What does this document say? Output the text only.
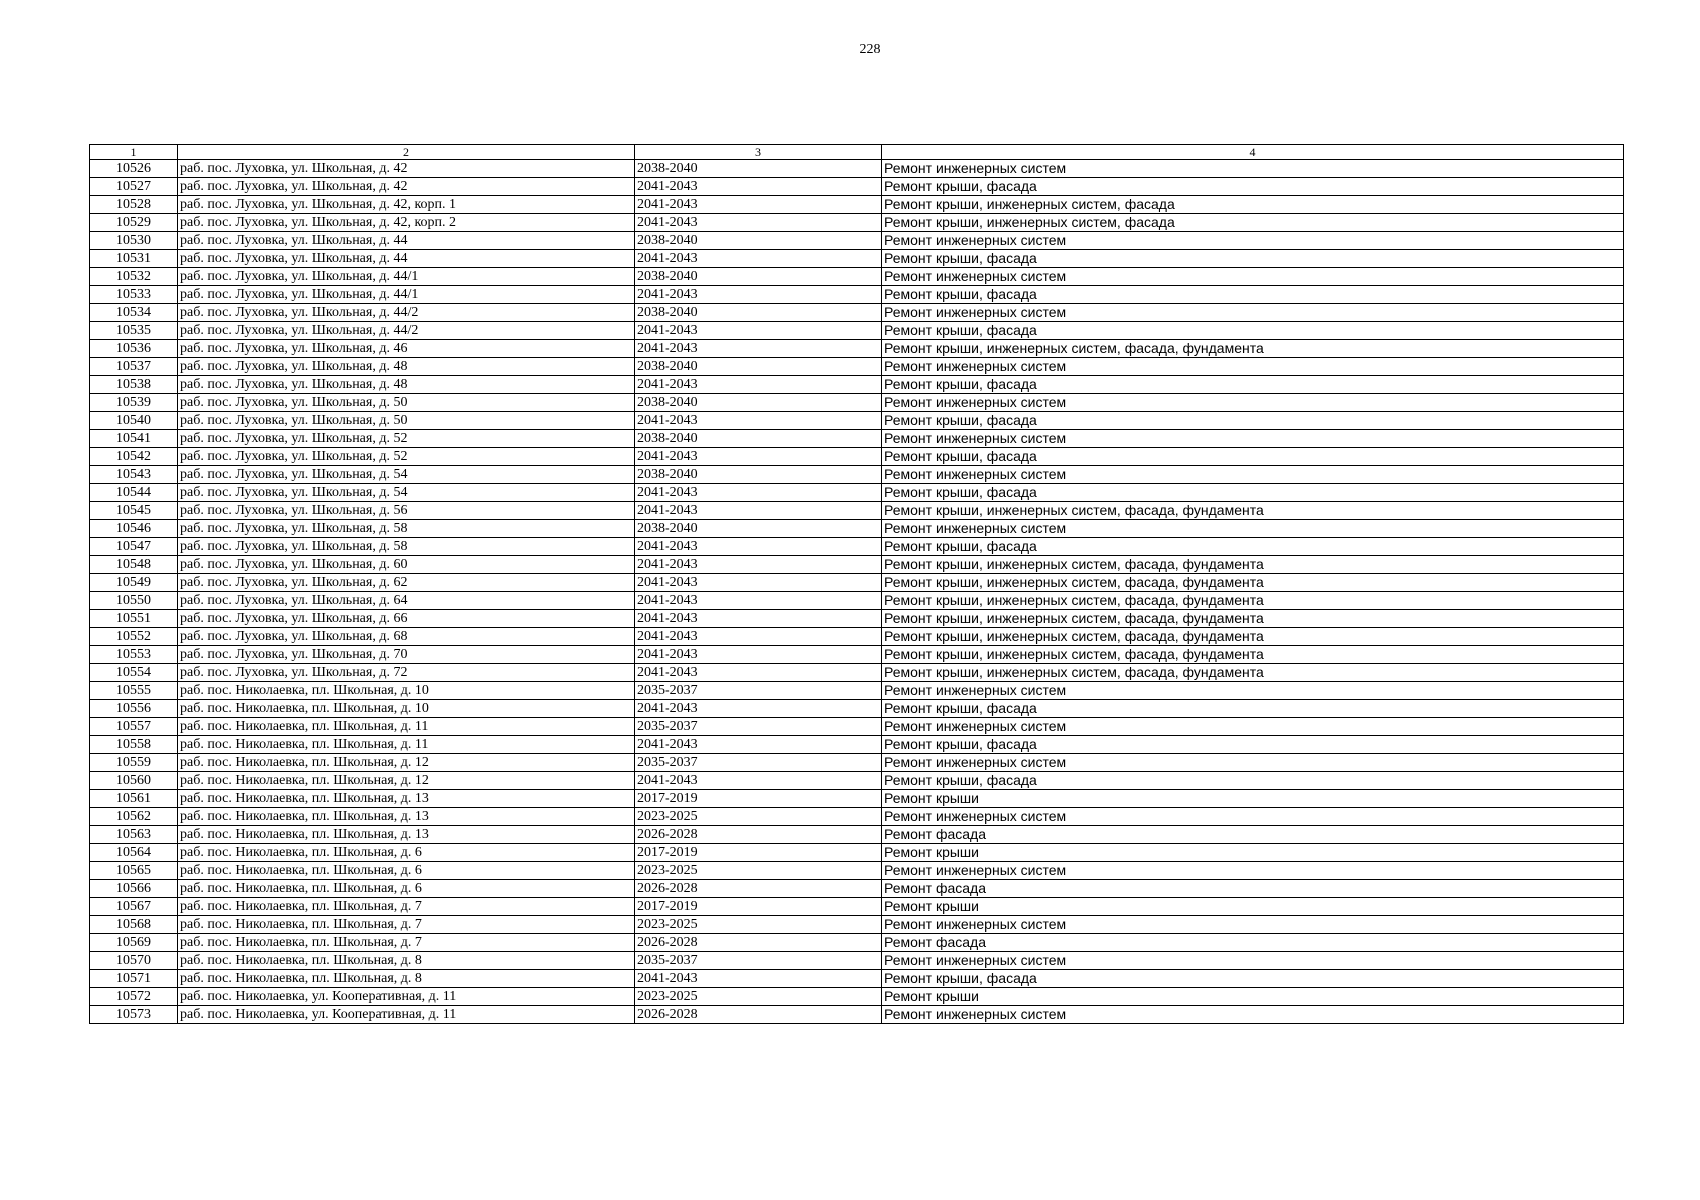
228
1	2	3	4
10526	раб. пос. Луховка, ул. Школьная, д. 42	2038-2040	Ремонт инженерных систем
10527	раб. пос. Луховка, ул. Школьная, д. 42	2041-2043	Ремонт крыши, фасада
10528	раб. пос. Луховка, ул. Школьная, д. 42, корп. 1	2041-2043	Ремонт крыши, инженерных систем, фасада
10529	раб. пос. Луховка, ул. Школьная, д. 42, корп. 2	2041-2043	Ремонт крыши, инженерных систем, фасада
10530	раб. пос. Луховка, ул. Школьная, д. 44	2038-2040	Ремонт инженерных систем
10531	раб. пос. Луховка, ул. Школьная, д. 44	2041-2043	Ремонт крыши, фасада
10532	раб. пос. Луховка, ул. Школьная, д. 44/1	2038-2040	Ремонт инженерных систем
10533	раб. пос. Луховка, ул. Школьная, д. 44/1	2041-2043	Ремонт крыши, фасада
10534	раб. пос. Луховка, ул. Школьная, д. 44/2	2038-2040	Ремонт инженерных систем
10535	раб. пос. Луховка, ул. Школьная, д. 44/2	2041-2043	Ремонт крыши, фасада
10536	раб. пос. Луховка, ул. Школьная, д. 46	2041-2043	Ремонт крыши, инженерных систем, фасада, фундамента
10537	раб. пос. Луховка, ул. Школьная, д. 48	2038-2040	Ремонт инженерных систем
10538	раб. пос. Луховка, ул. Школьная, д. 48	2041-2043	Ремонт крыши, фасада
10539	раб. пос. Луховка, ул. Школьная, д. 50	2038-2040	Ремонт инженерных систем
10540	раб. пос. Луховка, ул. Школьная, д. 50	2041-2043	Ремонт крыши, фасада
10541	раб. пос. Луховка, ул. Школьная, д. 52	2038-2040	Ремонт инженерных систем
10542	раб. пос. Луховка, ул. Школьная, д. 52	2041-2043	Ремонт крыши, фасада
10543	раб. пос. Луховка, ул. Школьная, д. 54	2038-2040	Ремонт инженерных систем
10544	раб. пос. Луховка, ул. Школьная, д. 54	2041-2043	Ремонт крыши, фасада
10545	раб. пос. Луховка, ул. Школьная, д. 56	2041-2043	Ремонт крыши, инженерных систем, фасада, фундамента
10546	раб. пос. Луховка, ул. Школьная, д. 58	2038-2040	Ремонт инженерных систем
10547	раб. пос. Луховка, ул. Школьная, д. 58	2041-2043	Ремонт крыши, фасада
10548	раб. пос. Луховка, ул. Школьная, д. 60	2041-2043	Ремонт крыши, инженерных систем, фасада, фундамента
10549	раб. пос. Луховка, ул. Школьная, д. 62	2041-2043	Ремонт крыши, инженерных систем, фасада, фундамента
10550	раб. пос. Луховка, ул. Школьная, д. 64	2041-2043	Ремонт крыши, инженерных систем, фасада, фундамента
10551	раб. пос. Луховка, ул. Школьная, д. 66	2041-2043	Ремонт крыши, инженерных систем, фасада, фундамента
10552	раб. пос. Луховка, ул. Школьная, д. 68	2041-2043	Ремонт крыши, инженерных систем, фасада, фундамента
10553	раб. пос. Луховка, ул. Школьная, д. 70	2041-2043	Ремонт крыши, инженерных систем, фасада, фундамента
10554	раб. пос. Луховка, ул. Школьная, д. 72	2041-2043	Ремонт крыши, инженерных систем, фасада, фундамента
10555	раб. пос. Николаевка, пл. Школьная, д. 10	2035-2037	Ремонт инженерных систем
10556	раб. пос. Николаевка, пл. Школьная, д. 10	2041-2043	Ремонт крыши, фасада
10557	раб. пос. Николаевка, пл. Школьная, д. 11	2035-2037	Ремонт инженерных систем
10558	раб. пос. Николаевка, пл. Школьная, д. 11	2041-2043	Ремонт крыши, фасада
10559	раб. пос. Николаевка, пл. Школьная, д. 12	2035-2037	Ремонт инженерных систем
10560	раб. пос. Николаевка, пл. Школьная, д. 12	2041-2043	Ремонт крыши, фасада
10561	раб. пос. Николаевка, пл. Школьная, д. 13	2017-2019	Ремонт крыши
10562	раб. пос. Николаевка, пл. Школьная, д. 13	2023-2025	Ремонт инженерных систем
10563	раб. пос. Николаевка, пл. Школьная, д. 13	2026-2028	Ремонт фасада
10564	раб. пос. Николаевка, пл. Школьная, д. 6	2017-2019	Ремонт крыши
10565	раб. пос. Николаевка, пл. Школьная, д. 6	2023-2025	Ремонт инженерных систем
10566	раб. пос. Николаевка, пл. Школьная, д. 6	2026-2028	Ремонт фасада
10567	раб. пос. Николаевка, пл. Школьная, д. 7	2017-2019	Ремонт крыши
10568	раб. пос. Николаевка, пл. Школьная, д. 7	2023-2025	Ремонт инженерных систем
10569	раб. пос. Николаевка, пл. Школьная, д. 7	2026-2028	Ремонт фасада
10570	раб. пос. Николаевка, пл. Школьная, д. 8	2035-2037	Ремонт инженерных систем
10571	раб. пос. Николаевка, пл. Школьная, д. 8	2041-2043	Ремонт крыши, фасада
10572	раб. пос. Николаевка, ул. Кооперативная, д. 11	2023-2025	Ремонт крыши
10573	раб. пос. Николаевка, ул. Кооперативная, д. 11	2026-2028	Ремонт инженерных систем
